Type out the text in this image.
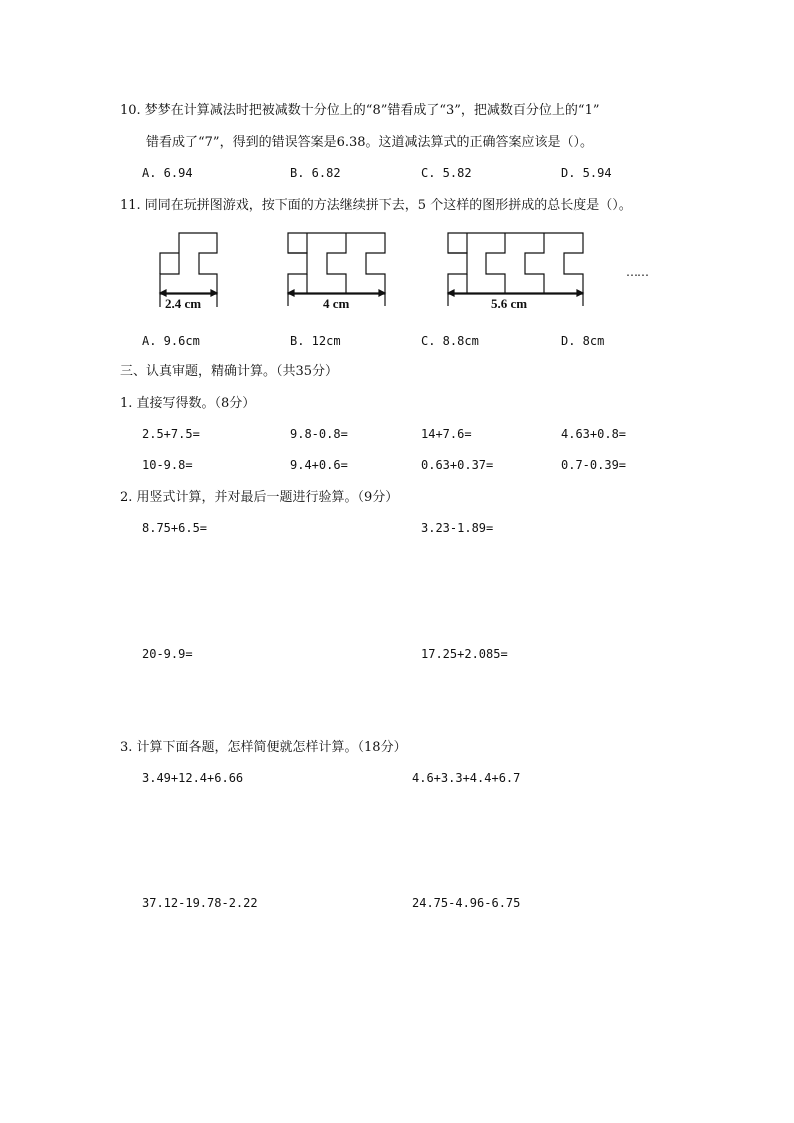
10. 梦梦在计算减法时把被减数十分位上的“8”错看成了“3”，把减数百分位上的“1”
错看成了“7”，得到的错误答案是6.38。这道减法算式的正确答案应该是（）。
A. 6.94	B. 6.82	C. 5.82	D. 5.94
11. 同同在玩拼图游戏，按下面的方法继续拼下去，5 个这样的图形拼成的总长度是（）。
2.4 cm	4 cm	5.6 cm
……
A. 9.6cm	B. 12cm	C. 8.8cm	D. 8cm
三、认真审题，精确计算。（共35分）
1. 直接写得数。（8分）
2.5+7.5=	9.8-0.8=	14+7.6=	4.63+0.8=
10-9.8=	9.4+0.6=	0.63+0.37=	0.7-0.39=
2. 用竖式计算，并对最后一题进行验算。（9分）
8.75+6.5=	3.23-1.89=
20-9.9=	17.25+2.085=
3. 计算下面各题，怎样简便就怎样计算。（18分）
3.49+12.4+6.66	4.6+3.3+4.4+6.7
37.12-19.78-2.22	24.75-4.96-6.75
